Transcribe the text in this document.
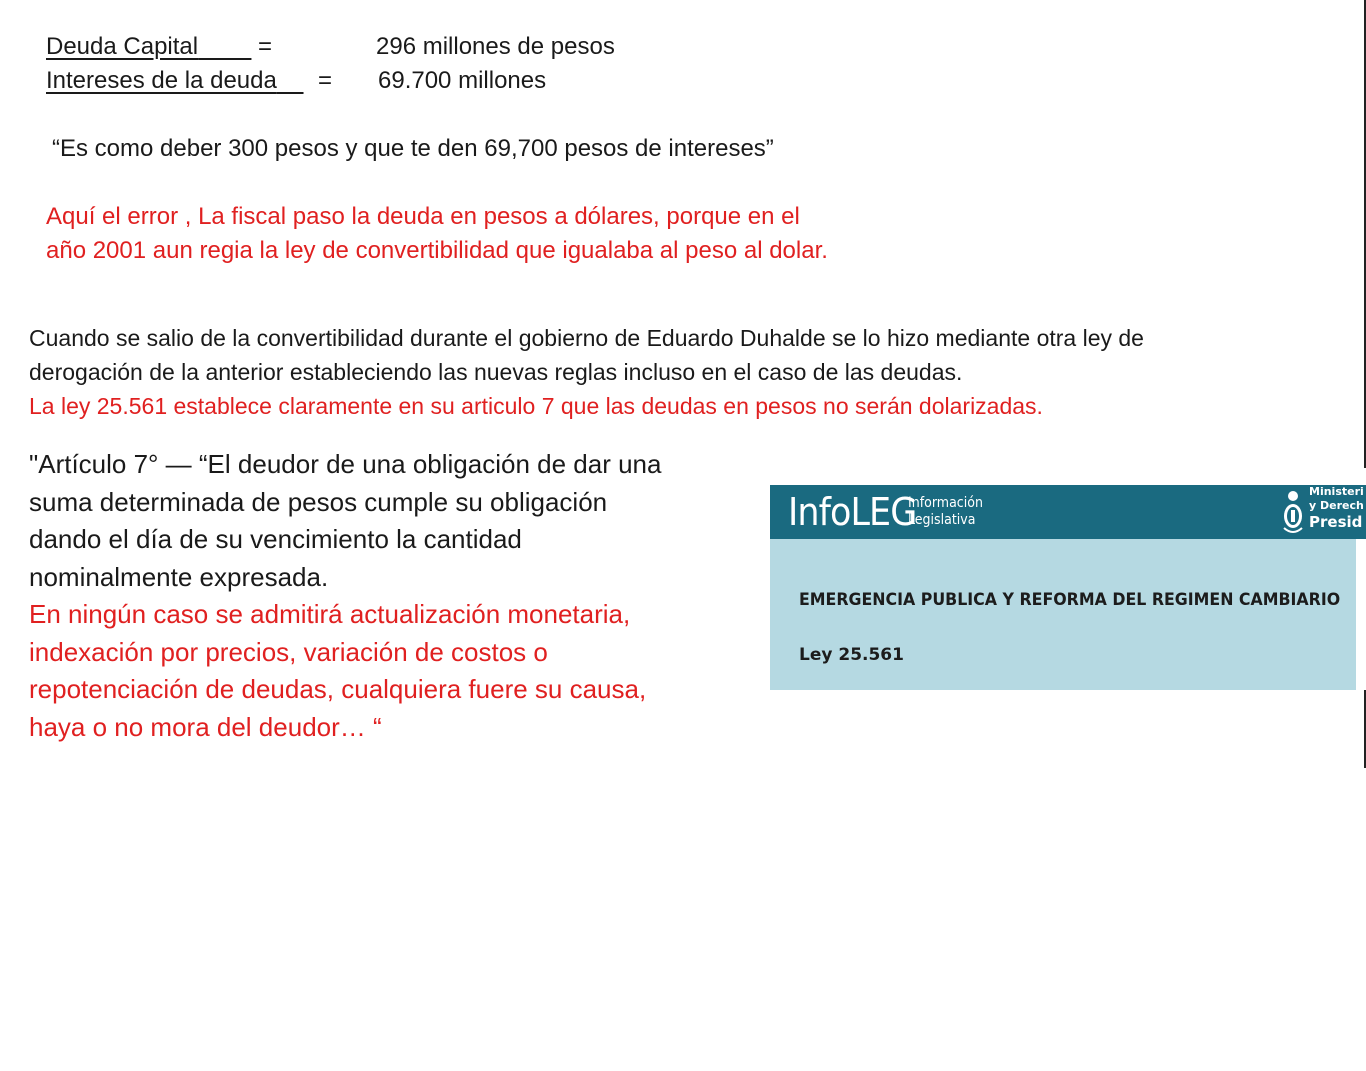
Deuda Capital	=	296 millones de pesos
Intereses de la deuda	= 69.700 millones
“Es como deber 300 pesos y que te den 69,700 pesos de intereses”
Aquí el error , La fiscal paso la deuda en pesos a dólares, porque en el
año 2001 aun regia la ley de convertibilidad que igualaba al peso al dolar.
Cuando se salio de la convertibilidad durante el gobierno de Eduardo Duhalde se lo hizo mediante otra ley de
derogación de la anterior estableciendo las nuevas reglas incluso en el caso de las deudas.
La ley 25.561 establece claramente en su articulo 7 que las deudas en pesos no serán dolarizadas.
"Artículo 7° — “El deudor de una obligación de dar una
suma determinada de pesos cumple su obligación
dando el día de su vencimiento la cantidad
nominalmente expresada.
En ningún caso se admitirá actualización monetaria,
indexación por precios, variación de costos o
repotenciación de deudas, cualquiera fuere su causa,
haya o no mora del deudor… “
InfoLEG
Información
Legislativa
Ministeri
y Derech
Presid
EMERGENCIA PUBLICA Y REFORMA DEL REGIMEN CAMBIARIO
Ley 25.561
